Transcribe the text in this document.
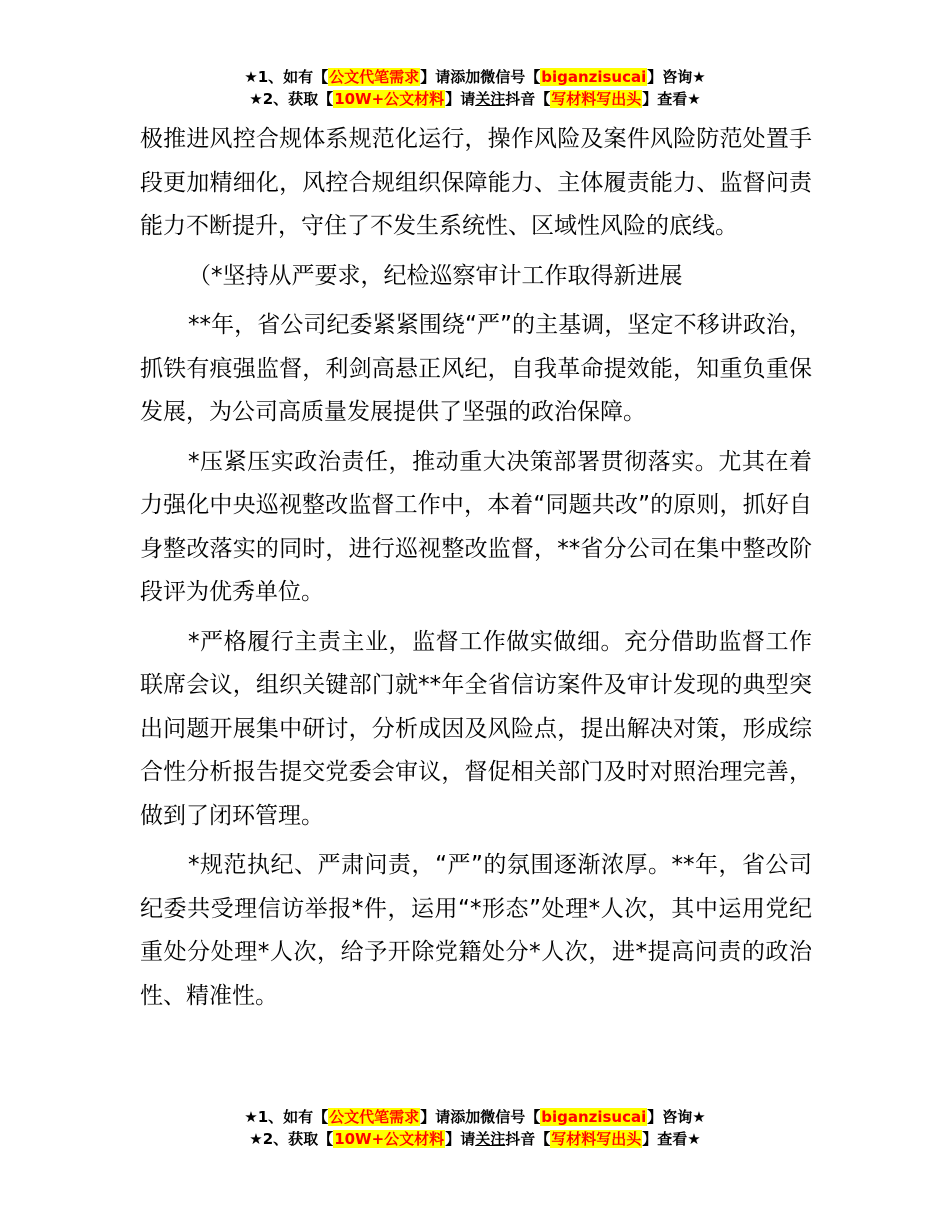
★1、如有【公文代笔需求】请添加微信号【biganzisucai】咨询★
★2、获取【10W+公文材料】请关注抖音【写材料写出头】查看★

极推进风控合规体系规范化运行，操作风险及案件风险防范处置手段更加精细化，风控合规组织保障能力、主体履责能力、监督问责能力不断提升，守住了不发生系统性、区域性风险的底线。

（*坚持从严要求，纪检巡察审计工作取得新进展

**年，省公司纪委紧紧围绕“严”的主基调，坚定不移讲政治，抓铁有痕强监督，利剑高悬正风纪，自我革命提效能，知重负重保发展，为公司高质量发展提供了坚强的政治保障。

*压紧压实政治责任，推动重大决策部署贯彻落实。尤其在着力强化中央巡视整改监督工作中，本着“同题共改”的原则，抓好自身整改落实的同时，进行巡视整改监督，**省分公司在集中整改阶段评为优秀单位。

*严格履行主责主业，监督工作做实做细。充分借助监督工作联席会议，组织关键部门就**年全省信访案件及审计发现的典型突出问题开展集中研讨，分析成因及风险点，提出解决对策，形成综合性分析报告提交党委会审议，督促相关部门及时对照治理完善，做到了闭环管理。

*规范执纪、严肃问责，“严”的氛围逐渐浓厚。**年，省公司纪委共受理信访举报*件，运用“*形态”处理*人次，其中运用党纪重处分处理*人次，给予开除党籍处分*人次，进*提高问责的政治性、精准性。

★1、如有【公文代笔需求】请添加微信号【biganzisucai】咨询★
★2、获取【10W+公文材料】请关注抖音【写材料写出头】查看★
